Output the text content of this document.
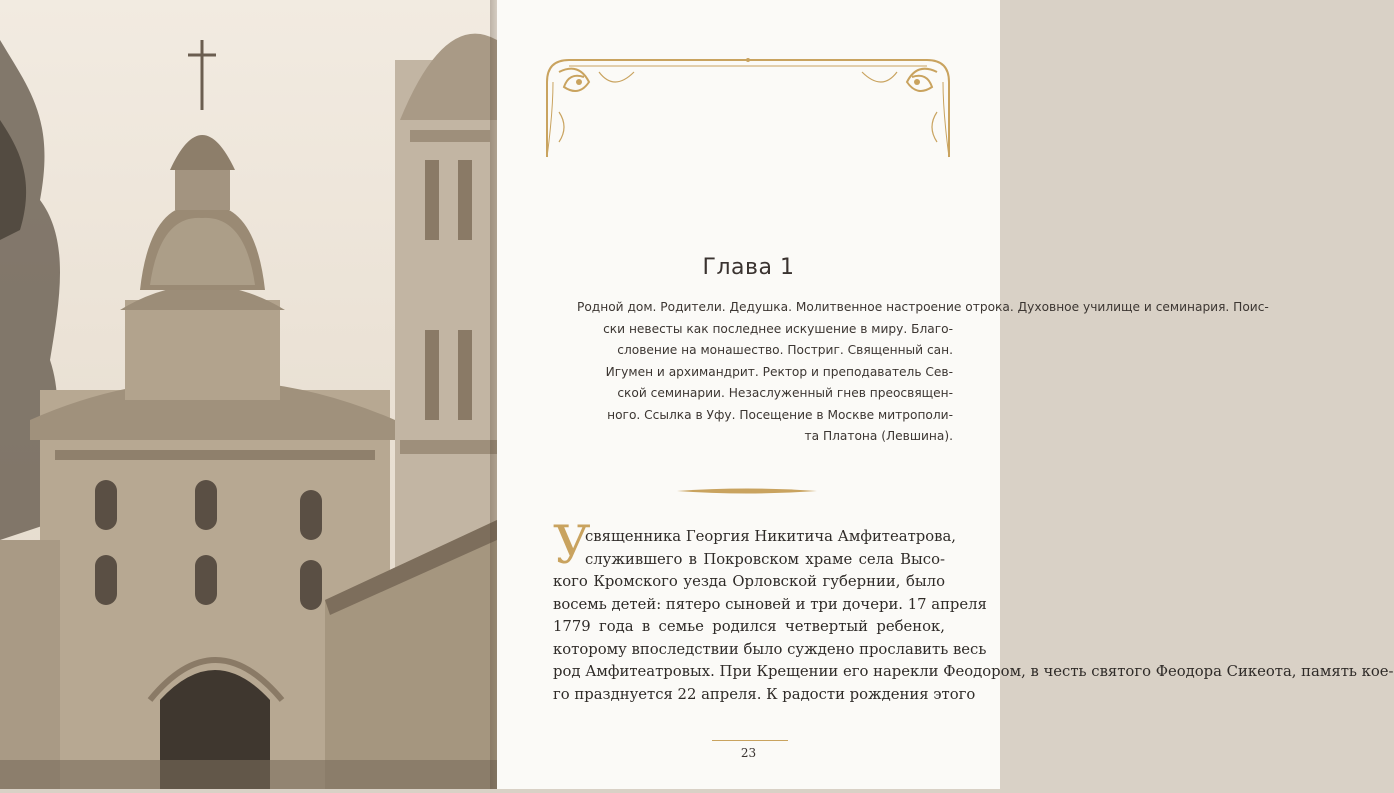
Глава 1
Родной дом. Родители. Дедушка. Молитвенное настроение отрока. Духовное училище и семинария. Поис-
ски невесты как последнее искушение в миру. Благо-
словение на монашество. Постриг. Священный сан.
Игумен и архимандрит. Ректор и преподаватель Сев-
ской семинарии. Незаслуженный гнев преосвящен-
ного. Ссылка в Уфу. Посещение в Москве митрополи-
та Платона (Левшина).
У
священника Георгия Никитича Амфитеатрова,
служившего в Покровском храме села Высо-
кого Кромского уезда Орловской губернии, было
восемь детей: пятеро сыновей и три дочери. 17 апреля
1779 года в семье родился четвертый ребенок,
которому впоследствии было суждено прославить весь
род Амфитеатровых. При Крещении его нарекли Феодором, в честь святого Феодора Сикеота, память кое-
го празднуется 22 апреля. К радости рождения этого
23
